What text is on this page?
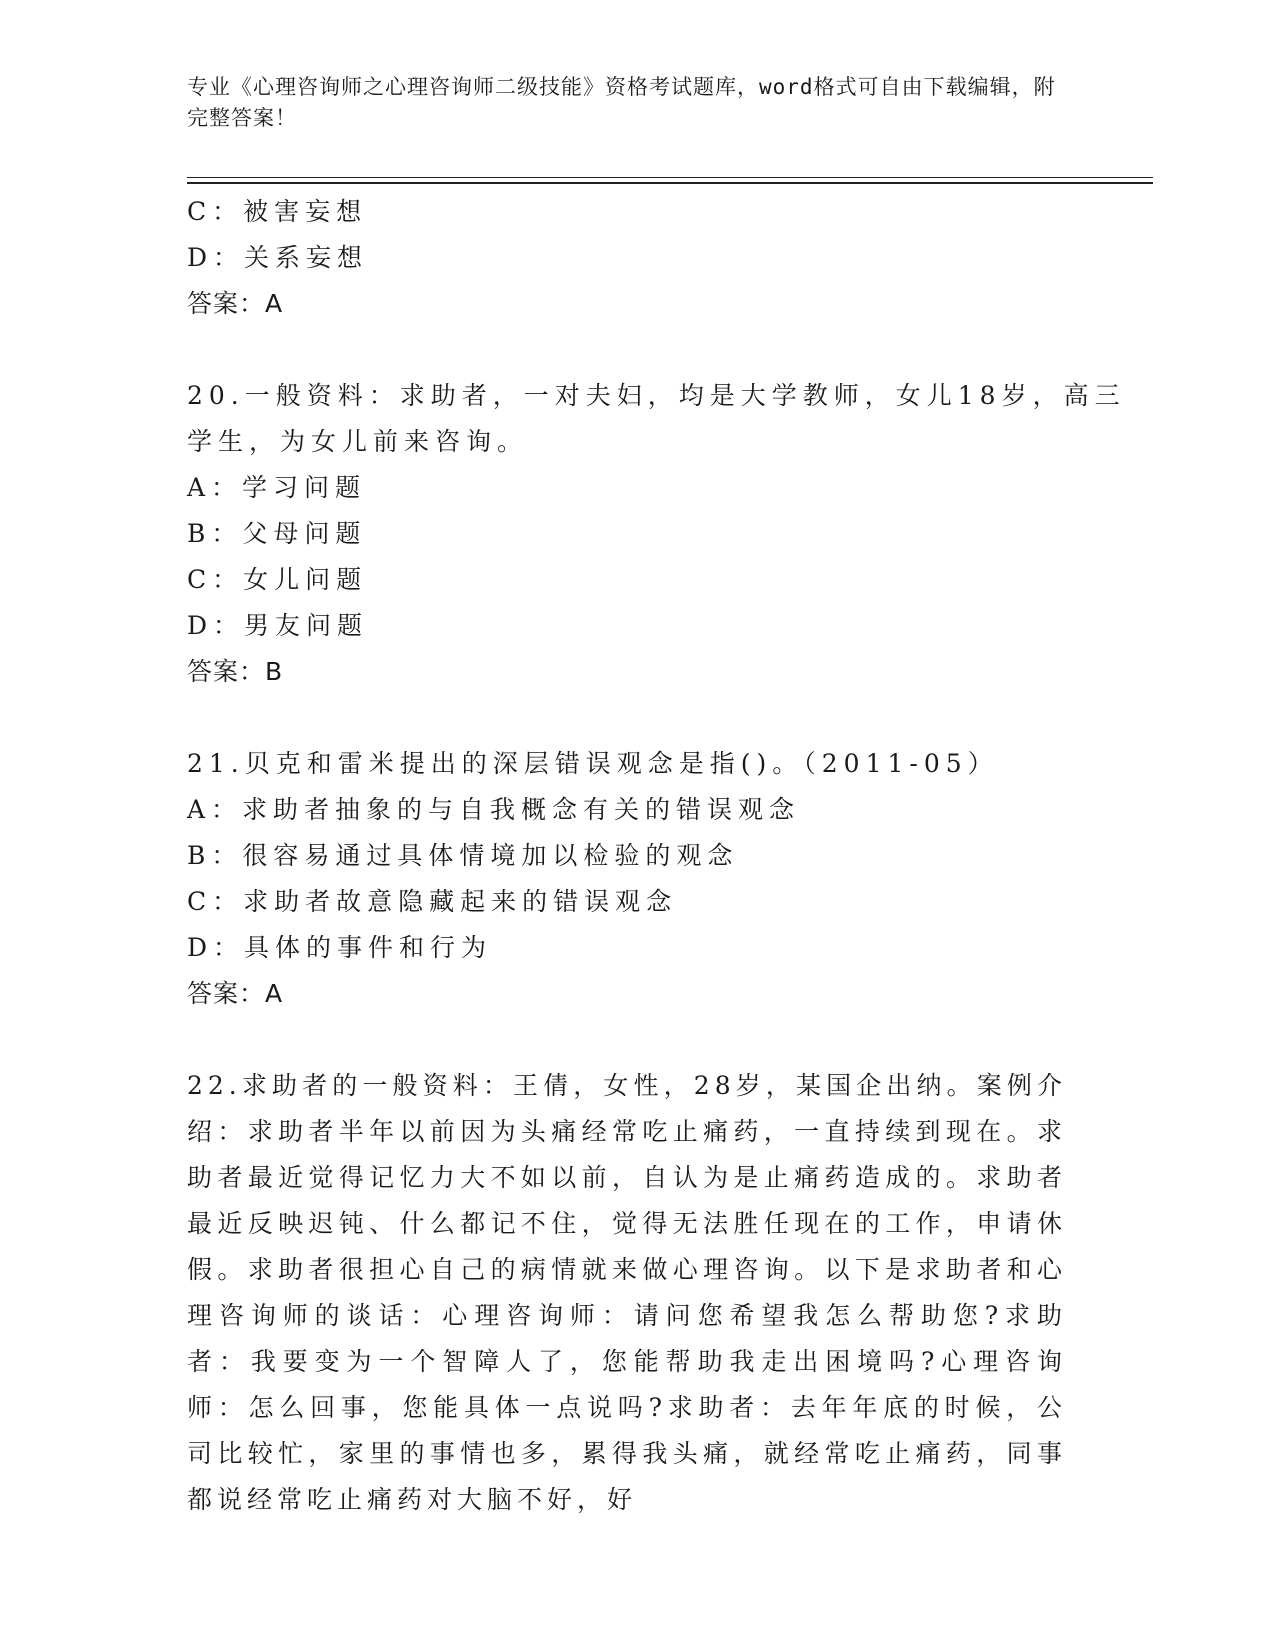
专业《心理咨询师之心理咨询师二级技能》资格考试题库，word格式可自由下载编辑，附完整答案！
C：被害妄想
D：关系妄想
答案：A
20.一般资料：求助者，一对夫妇，均是大学教师，女儿18岁，高三
学生，为女儿前来咨询。
A：学习问题
B：父母问题
C：女儿问题
D：男友问题
答案：B
21.贝克和雷米提出的深层错误观念是指()。（2011-05）
A：求助者抽象的与自我概念有关的错误观念
B：很容易通过具体情境加以检验的观念
C：求助者故意隐藏起来的错误观念
D：具体的事件和行为
答案：A

22.求助者的一般资料：王倩，女性，28岁，某国企出纳。案例介绍：求助者半年以前因为头痛经常吃止痛药，一直持续到现在。求助者最近觉得记忆力大不如以前，自认为是止痛药造成的。求助者最近反映迟钝、什么都记不住，觉得无法胜任现在的工作，申请休假。求助者很担心自己的病情就来做心理咨询。以下是求助者和心理咨询师的谈话：心理咨询师：请问您希望我怎么帮助您?求助者：我要变为一个智障人了，您能帮助我走出困境吗?心理咨询师：怎么回事，您能具体一点说吗?求助者：去年年底的时候，公司比较忙，家里的事情也多，累得我头痛，就经常吃止痛药，同事都说经常吃止痛药对大脑不好，好
